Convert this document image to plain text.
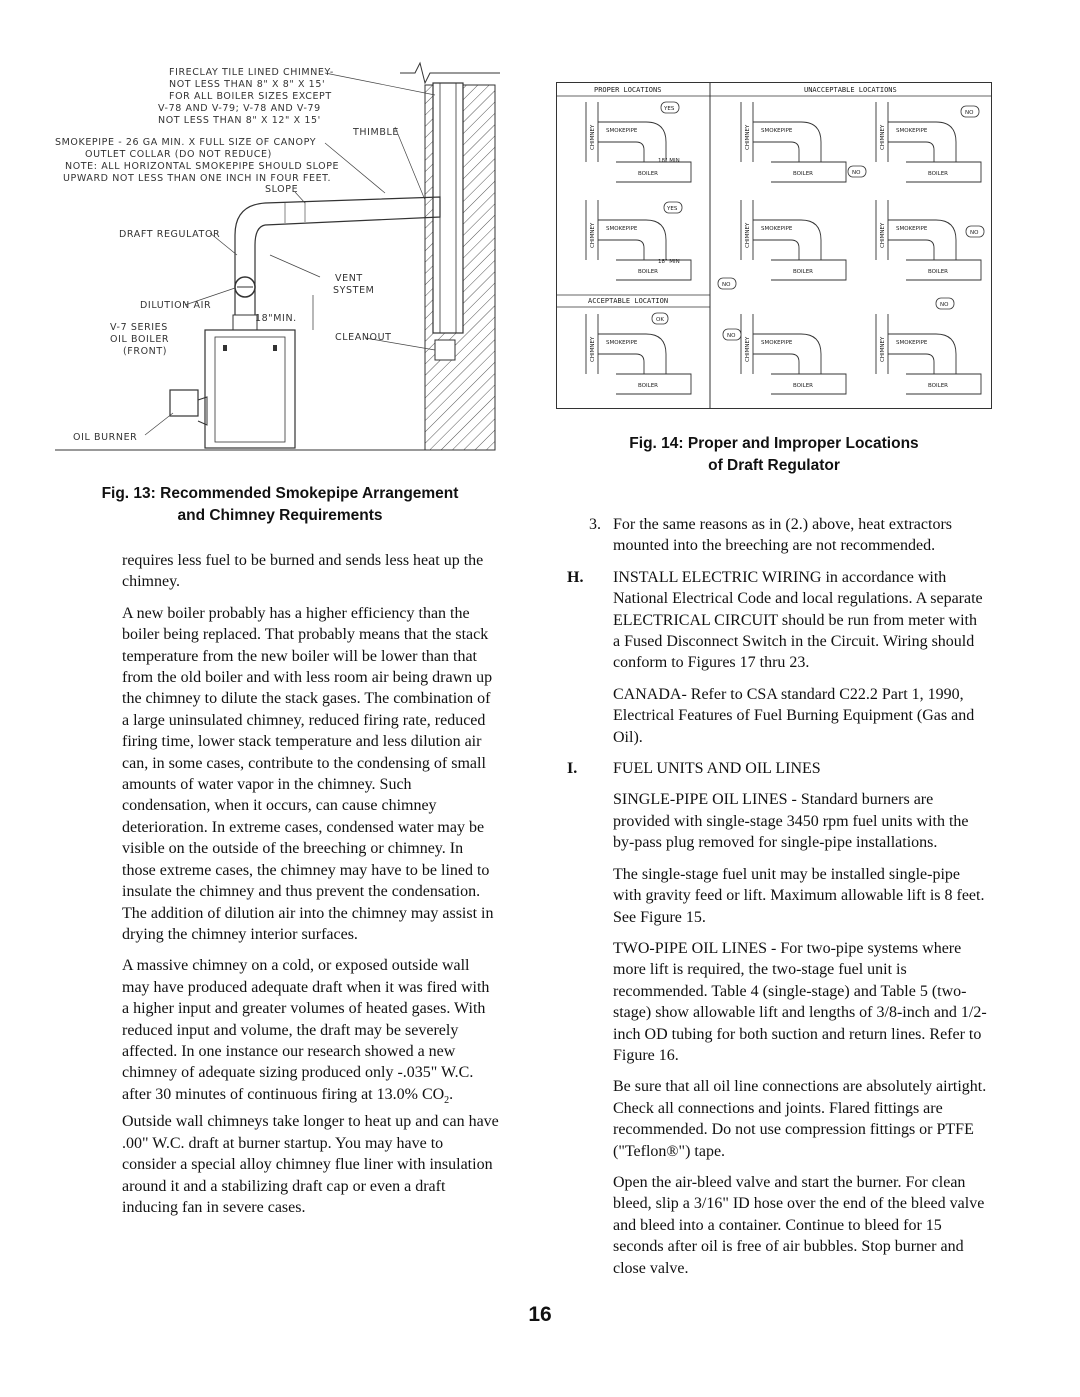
FIRECLAY TILE LINED CHIMNEY-
NOT LESS THAN 8" X 8" X 15'
FOR ALL BOILER SIZES EXCEPT
V-78 AND V-79; V-78 AND V-79
NOT LESS THAN 8" X 12" X 15'
THIMBLE
SMOKEPIPE - 26 GA MIN. X FULL SIZE OF CANOPY
OUTLET COLLAR (DO NOT REDUCE)
NOTE: ALL HORIZONTAL SMOKEPIPE SHOULD SLOPE
UPWARD NOT LESS THAN ONE INCH IN FOUR FEET.
SLOPE
DRAFT REGULATOR
VENT
SYSTEM
DILUTION AIR
18"MIN.
V-7 SERIES
OIL BOILER
(FRONT)
CLEANOUT
OIL BURNER
Fig. 13: Recommended Smokepipe Arrangement
and Chimney Requirements
PROPER LOCATIONS	UNACCEPTABLE LOCATIONS
ACCEPTABLE LOCATION
SMOKEPIPE
BOILER
CHIMNEY	SMOKEPIPE
BOILER
CHIMNEY	SMOKEPIPE
BOILER
CHIMNEY
SMOKEPIPE
BOILER
CHIMNEY	SMOKEPIPE
BOILER
CHIMNEY	SMOKEPIPE
BOILER
CHIMNEY
SMOKEPIPE
BOILER
CHIMNEY	SMOKEPIPE
BOILER
CHIMNEY	SMOKEPIPE
BOILER
CHIMNEY
YES
YES
OK
NO
NO
NO
NO
NO
NO
18" MIN
18" MIN
Fig. 14: Proper and Improper Locations
of Draft Regulator

requires less fuel to be burned and sends less heat up the chimney.

A new boiler probably has a higher efficiency than the boiler being replaced. That probably means that the stack temperature from the new boiler will be lower than that from the old boiler and with less room air being drawn up the chimney to dilute the stack gases. The combination of a large uninsulated chimney, reduced firing rate, reduced firing time, lower stack temperature and less dilution air can, in some cases, contribute to the condensing of small amounts of water vapor in the chimney. Such condensation, when it occurs, can cause chimney deterioration. In extreme cases, condensed water may be visible on the outside of the breeching or chimney. In those extreme cases, the chimney may have to be lined to insulate the chimney and thus prevent the condensation. The addition of dilution air into the chimney may assist in drying the chimney interior surfaces.

A massive chimney on a cold, or exposed outside wall may have produced adequate draft when it was fired with a higher input and greater volumes of heated gases. With reduced input and volume, the draft may be severely affected. In one instance our research showed a new chimney of adequate sizing produced only -.035" W.C. after 30 minutes of continuous firing at 13.0% $CO_2$. Outside wall chimneys take longer to heat up and can have .00" W.C. draft at burner startup. You may have to consider a special alloy chimney flue liner with insulation around it and a stabilizing draft cap or even a draft inducing fan in severe cases.

3. For the same reasons as in (2.) above, heat extractors mounted into the breeching are not recommended.
H. INSTALL ELECTRIC WIRING in accordance with National Electrical Code and local regulations. A separate ELECTRICAL CIRCUIT should be run from meter with a Fused Disconnect Switch in the Circuit. Wiring should conform to Figures 17 thru 23.

CANADA- Refer to CSA standard C22.2 Part 1, 1990, Electrical Features of Fuel Burning Equipment (Gas and Oil).

I. FUEL UNITS AND OIL LINES

SINGLE-PIPE OIL LINES - Standard burners are provided with single-stage 3450 rpm fuel units with the by-pass plug removed for single-pipe installations.

The single-stage fuel unit may be installed single-pipe with gravity feed or lift. Maximum allowable lift is 8 feet. See Figure 15.

TWO-PIPE OIL LINES - For two-pipe systems where more lift is required, the two-stage fuel unit is recommended. Table 4 (single-stage) and Table 5 (two-stage) show allowable lift and lengths of 3/8-inch and 1/2-inch OD tubing for both suction and return lines. Refer to Figure 16.

Be sure that all oil line connections are absolutely airtight. Check all connections and joints. Flared fittings are recommended. Do not use compression fittings or PTFE ("Teflon®") tape.

Open the air-bleed valve and start the burner. For clean bleed, slip a 3/16" ID hose over the end of the bleed valve and bleed into a container. Continue to bleed for 15 seconds after oil is free of air bubbles. Stop burner and close valve.

16
